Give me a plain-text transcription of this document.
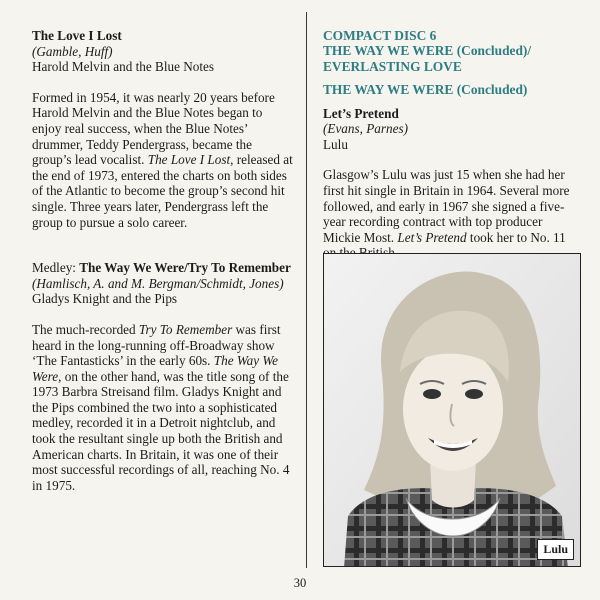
The Love I Lost

(Gamble, Huff)

Harold Melvin and the Blue Notes

Formed in 1954, it was nearly 20 years before Harold Melvin and the Blue Notes began to enjoy real success, when the Blue Notes’ drummer, Teddy Pendergrass, became the group’s lead vocalist. The Love I Lost, released at the end of 1973, entered the charts on both sides of the Atlantic to become the group’s second hit single. Three years later, Pendergrass left the group to pursue a solo career.

Medley: The Way We Were/Try To Remember

(Hamlisch, A. and M. Bergman/Schmidt, Jones)

Gladys Knight and the Pips

The much-recorded Try To Remember was first heard in the long-running off-Broadway show ‘The Fantasticks’ in the early 60s. The Way We Were, on the other hand, was the title song of the 1973 Barbra Streisand film. Gladys Knight and the Pips combined the two into a sophisticated medley, recorded it in a Detroit nightclub, and took the resultant single up both the British and American charts. In Britain, it was one of their most successful recordings of all, reaching No. 4 in 1975.

COMPACT DISC 6

THE WAY WE WERE (Concluded)/

EVERLASTING LOVE

THE WAY WE WERE (Concluded)

Let’s Pretend

(Evans, Parnes)

Lulu

Glasgow’s Lulu was just 15 when she had her first hit single in Britain in 1964. Several more followed, and early in 1967 she signed a five-year recording contract with top producer Mickie Most. Let’s Pretend took her to No. 11

Lulu
30
